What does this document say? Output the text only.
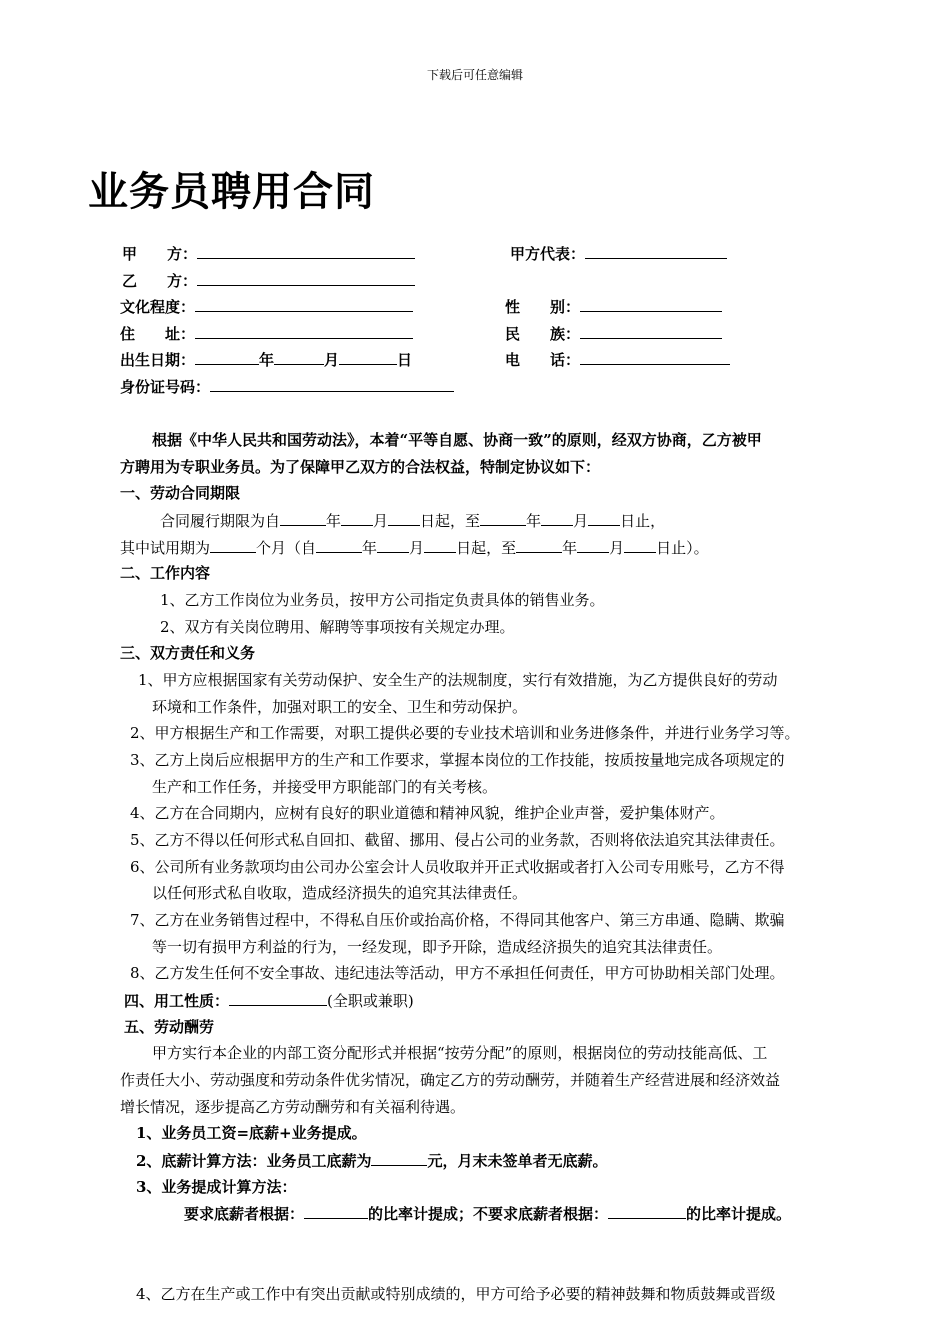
下载后可任意编辑
业务员聘用合同
甲　　方：	甲方代表：
乙　　方：
文化程度：	性　　别：
住　　址：	民　　族：
出生日期：	年	月	日	电　　话：
身份证号码：
根据《中华人民共和国劳动法》，本着“平等自愿、协商一致”的原则，经双方协商，乙方被甲
方聘用为专职业务员。为了保障甲乙双方的合法权益，特制定协议如下：
一、劳动合同期限
合同履行期限为自	年 月 日起，至	年 月 日止，
其中试用期为	个月（自	年 月 日起，至	年 月 日止）。
二、工作内容
1、乙方工作岗位为业务员，按甲方公司指定负责具体的销售业务。
2、双方有关岗位聘用、解聘等事项按有关规定办理。
三、双方责任和义务
1、甲方应根据国家有关劳动保护、安全生产的法规制度，实行有效措施，为乙方提供良好的劳动
环境和工作条件，加强对职工的安全、卫生和劳动保护。
2、甲方根据生产和工作需要，对职工提供必要的专业技术培训和业务进修条件，并进行业务学习等。
3、乙方上岗后应根据甲方的生产和工作要求，掌握本岗位的工作技能，按质按量地完成各项规定的
生产和工作任务，并接受甲方职能部门的有关考核。
4、乙方在合同期内，应树有良好的职业道德和精神风貌，维护企业声誉，爱护集体财产。
5、乙方不得以任何形式私自回扣、截留、挪用、侵占公司的业务款，否则将依法追究其法律责任。
6、公司所有业务款项均由公司办公室会计人员收取并开正式收据或者打入公司专用账号，乙方不得
以任何形式私自收取，造成经济损失的追究其法律责任。
7、乙方在业务销售过程中，不得私自压价或抬高价格，不得同其他客户、第三方串通、隐瞒、欺骗
等一切有损甲方利益的行为，一经发现，即予开除，造成经济损失的追究其法律责任。
8、乙方发生任何不安全事故、违纪违法等活动，甲方不承担任何责任，甲方可协助相关部门处理。
四、用工性质：	(全职或兼职)
五、劳动酬劳
甲方实行本企业的内部工资分配形式并根据“按劳分配”的原则，根据岗位的劳动技能高低、工
作责任大小、劳动强度和劳动条件优劣情况，确定乙方的劳动酬劳，并随着生产经营进展和经济效益
增长情况，逐步提高乙方劳动酬劳和有关福利待遇。
1、业务员工资=底薪+业务提成。
2、底薪计算方法：业务员工底薪为	元，月末未签单者无底薪。
3、业务提成计算方法：
要求底薪者根据：	的比率计提成；不要求底薪者根据：	的比率计提成。
4、乙方在生产或工作中有突出贡献或特别成绩的，甲方可给予必要的精神鼓舞和物质鼓舞或晋级
